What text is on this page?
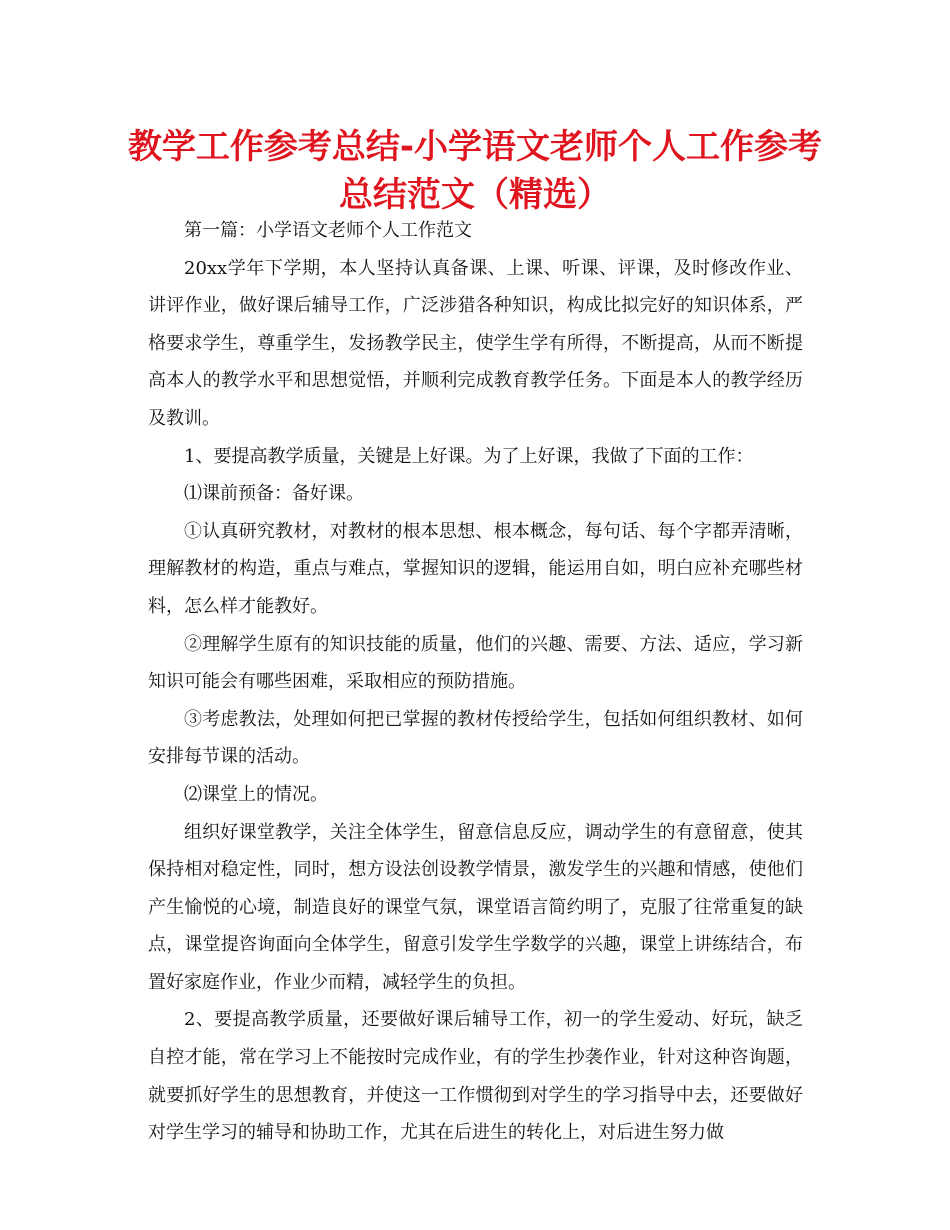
教学工作参考总结-小学语文老师个人工作参考总结范文（精选）

第一篇：小学语文老师个人工作范文

20xx学年下学期，本人坚持认真备课、上课、听课、评课，及时修改作业、讲评作业，做好课后辅导工作，广泛涉猎各种知识，构成比拟完好的知识体系，严格要求学生，尊重学生，发扬教学民主，使学生学有所得，不断提高，从而不断提高本人的教学水平和思想觉悟，并顺利完成教育教学任务。下面是本人的教学经历及教训。

1、要提高教学质量，关键是上好课。为了上好课，我做了下面的工作：

⑴课前预备：备好课。

①认真研究教材，对教材的根本思想、根本概念，每句话、每个字都弄清晰，理解教材的构造，重点与难点，掌握知识的逻辑，能运用自如，明白应补充哪些材料，怎么样才能教好。

②理解学生原有的知识技能的质量，他们的兴趣、需要、方法、适应，学习新知识可能会有哪些困难，采取相应的预防措施。

③考虑教法，处理如何把已掌握的教材传授给学生，包括如何组织教材、如何安排每节课的活动。

⑵课堂上的情况。

组织好课堂教学，关注全体学生，留意信息反应，调动学生的有意留意，使其保持相对稳定性，同时，想方设法创设教学情景，激发学生的兴趣和情感，使他们产生愉悦的心境，制造良好的课堂气氛，课堂语言简约明了，克服了往常重复的缺点，课堂提咨询面向全体学生，留意引发学生学数学的兴趣，课堂上讲练结合，布置好家庭作业，作业少而精，减轻学生的负担。

2、要提高教学质量，还要做好课后辅导工作，初一的学生爱动、好玩，缺乏自控才能，常在学习上不能按时完成作业，有的学生抄袭作业，针对这种咨询题，就要抓好学生的思想教育，并使这一工作惯彻到对学生的学习指导中去，还要做好对学生学习的辅导和协助工作，尤其在后进生的转化上，对后进生努力做
